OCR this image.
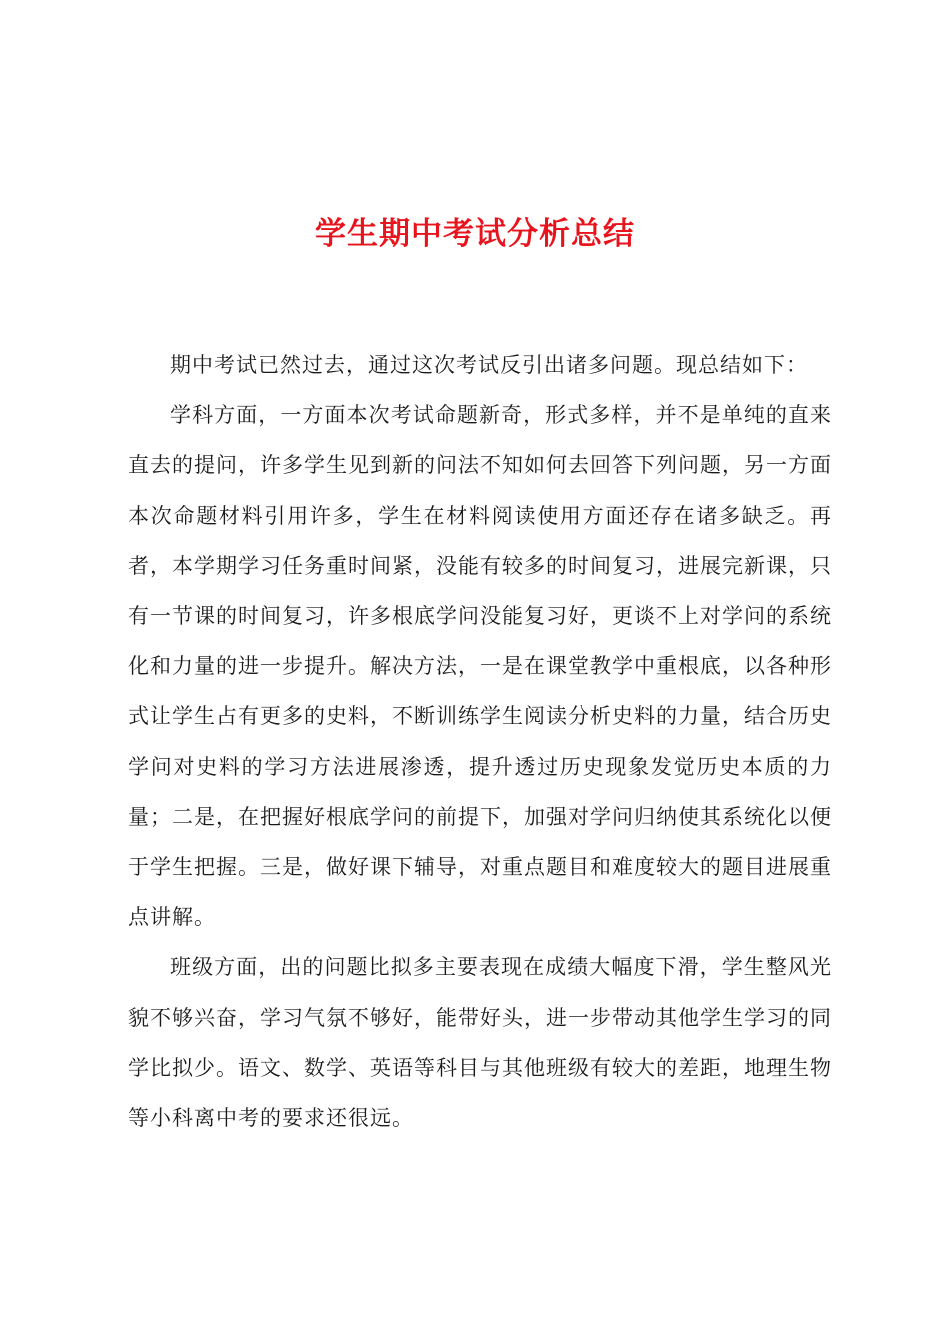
学生期中考试分析总结

期中考试已然过去，通过这次考试反引出诸多问题。现总结如下：

学科方面，一方面本次考试命题新奇，形式多样，并不是单纯的直来直去的提问，许多学生见到新的问法不知如何去回答下列问题，另一方面本次命题材料引用许多，学生在材料阅读使用方面还存在诸多缺乏。再者，本学期学习任务重时间紧，没能有较多的时间复习，进展完新课，只有一节课的时间复习，许多根底学问没能复习好，更谈不上对学问的系统化和力量的进一步提升。解决方法，一是在课堂教学中重根底，以各种形式让学生占有更多的史料，不断训练学生阅读分析史料的力量，结合历史学问对史料的学习方法进展渗透，提升透过历史现象发觉历史本质的力量；二是，在把握好根底学问的前提下，加强对学问归纳使其系统化以便于学生把握。三是，做好课下辅导，对重点题目和难度较大的题目进展重点讲解。

班级方面，出的问题比拟多主要表现在成绩大幅度下滑，学生整风光貌不够兴奋，学习气氛不够好，能带好头，进一步带动其他学生学习的同学比拟少。语文、数学、英语等科目与其他班级有较大的差距，地理生物等小科离中考的要求还很远。
